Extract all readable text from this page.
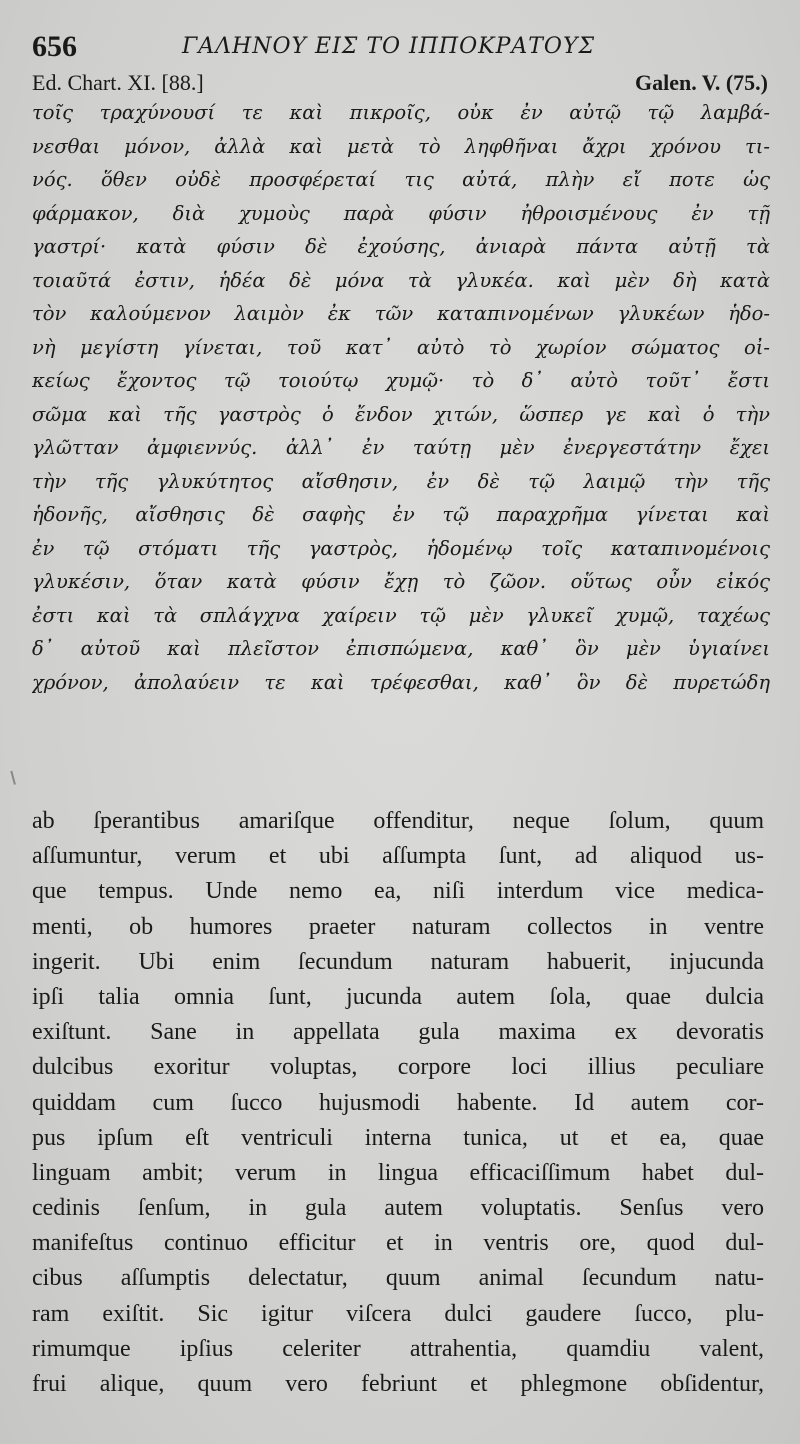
656	ΓΑΛΗΝΟΥ ΕΙΣ ΤΟ ΙΠΠΟΚΡΑΤΟΥΣ
Ed. Chart. XI. [88.]	Galen. V. (75.)
τοῖς τραχύνουσί τε καὶ πικροῖς, οὐκ ἐν αὐτῷ τῷ λαμβά-
νεσθαι μόνον, ἀλλὰ καὶ μετὰ τὸ ληφθῆναι ἄχρι χρόνου τι-
νός. ὅθεν οὐδὲ προσφέρεταί τις αὐτά, πλὴν εἴ ποτε ὡς
φάρμακον, διὰ χυμοὺς παρὰ φύσιν ἠθροισμένους ἐν τῇ
γαστρί· κατὰ φύσιν δὲ ἐχούσης, ἀνιαρὰ πάντα αὐτῇ τὰ
τοιαῦτά ἐστιν, ἡδέα δὲ μόνα τὰ γλυκέα. καὶ μὲν δὴ κατὰ
τὸν καλούμενον λαιμὸν ἐκ τῶν καταπινομένων γλυκέων ἡδο-
νὴ μεγίστη γίνεται, τοῦ κατ᾽ αὐτὸ τὸ χωρίον σώματος οἰ-
κείως ἔχοντος τῷ τοιούτῳ χυμῷ· τὸ δ᾽ αὐτὸ τοῦτ᾽ ἔστι
σῶμα καὶ τῆς γαστρὸς ὁ ἔνδον χιτών, ὥσπερ γε καὶ ὁ τὴν
γλῶτταν ἀμφιεννύς. ἀλλ᾽ ἐν ταύτῃ μὲν ἐνεργεστάτην ἔχει
τὴν τῆς γλυκύτητος αἴσθησιν, ἐν δὲ τῷ λαιμῷ τὴν τῆς
ἡδονῆς, αἴσθησις δὲ σαφὴς ἐν τῷ παραχρῆμα γίνεται καὶ
ἐν τῷ στόματι τῆς γαστρὸς, ἡδομένῳ τοῖς καταπινομένοις
γλυκέσιν, ὅταν κατὰ φύσιν ἔχῃ τὸ ζῶον. οὕτως οὖν εἰκός
ἐστι καὶ τὰ σπλάγχνα χαίρειν τῷ μὲν γλυκεῖ χυμῷ, ταχέως
δ᾽ αὐτοῦ καὶ πλεῖστον ἐπισπώμενα, καθ᾽ ὃν μὲν ὑγιαίνει
χρόνον, ἀπολαύειν τε καὶ τρέφεσθαι, καθ᾽ ὃν δὲ πυρετώδη
ab ſperantibus amariſque offenditur, neque ſolum, quum
aſſumuntur, verum et ubi aſſumpta ſunt, ad aliquod us-
que tempus. Unde nemo ea, niſi interdum vice medica-
menti, ob humores praeter naturam collectos in ventre
ingerit. Ubi enim ſecundum naturam habuerit, injucunda
ipſi talia omnia ſunt, jucunda autem ſola, quae dulcia
exiſtunt. Sane in appellata gula maxima ex devoratis
dulcibus exoritur voluptas, corpore loci illius peculiare
quiddam cum ſucco hujusmodi habente. Id autem cor-
pus ipſum eſt ventriculi interna tunica, ut et ea, quae
linguam ambit; verum in lingua efficaciſſimum habet dul-
cedinis ſenſum, in gula autem voluptatis. Senſus vero
manifeſtus continuo efficitur et in ventris ore, quod dul-
cibus aſſumptis delectatur, quum animal ſecundum natu-
ram exiſtit. Sic igitur viſcera dulci gaudere ſucco, plu-
rimumque ipſius celeriter attrahentia, quamdiu valent,
frui alique, quum vero febriunt et phlegmone obſidentur,
